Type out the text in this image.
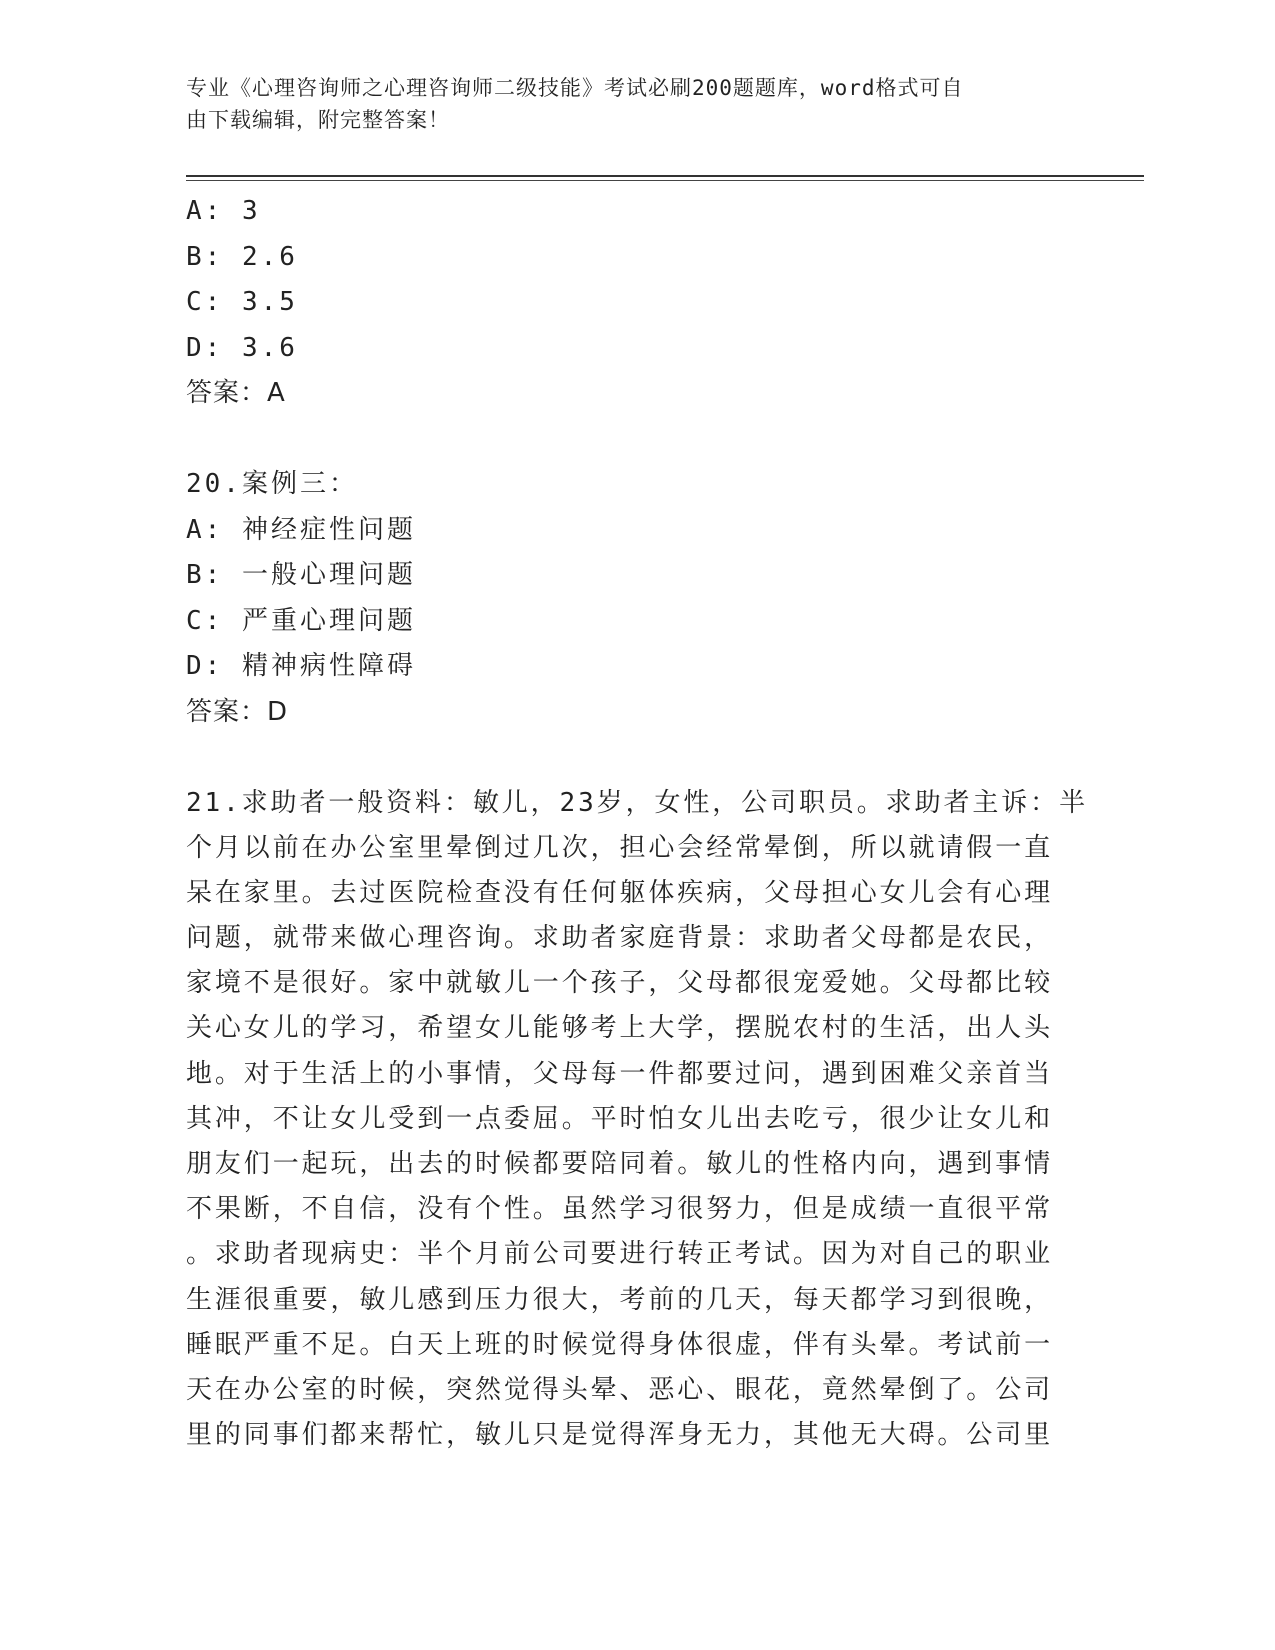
专业《心理咨询师之心理咨询师二级技能》考试必刷200题题库，word格式可自
由下载编辑，附完整答案！
A: 3
B: 2.6
C: 3.5
D: 3.6
答案：A
20.案例三：
A: 神经症性问题
B: 一般心理问题
C: 严重心理问题
D: 精神病性障碍
答案：D
21.求助者一般资料：敏儿，23岁，女性，公司职员。求助者主诉：半
个月以前在办公室里晕倒过几次，担心会经常晕倒，所以就请假一直
呆在家里。去过医院检查没有任何躯体疾病，父母担心女儿会有心理
问题，就带来做心理咨询。求助者家庭背景：求助者父母都是农民，
家境不是很好。家中就敏儿一个孩子，父母都很宠爱她。父母都比较
关心女儿的学习，希望女儿能够考上大学，摆脱农村的生活，出人头
地。对于生活上的小事情，父母每一件都要过问，遇到困难父亲首当
其冲，不让女儿受到一点委屈。平时怕女儿出去吃亏，很少让女儿和
朋友们一起玩，出去的时候都要陪同着。敏儿的性格内向，遇到事情
不果断，不自信，没有个性。虽然学习很努力，但是成绩一直很平常
。求助者现病史：半个月前公司要进行转正考试。因为对自己的职业
生涯很重要，敏儿感到压力很大，考前的几天，每天都学习到很晚，
睡眠严重不足。白天上班的时候觉得身体很虚，伴有头晕。考试前一
天在办公室的时候，突然觉得头晕、恶心、眼花，竟然晕倒了。公司
里的同事们都来帮忙，敏儿只是觉得浑身无力，其他无大碍。公司里
